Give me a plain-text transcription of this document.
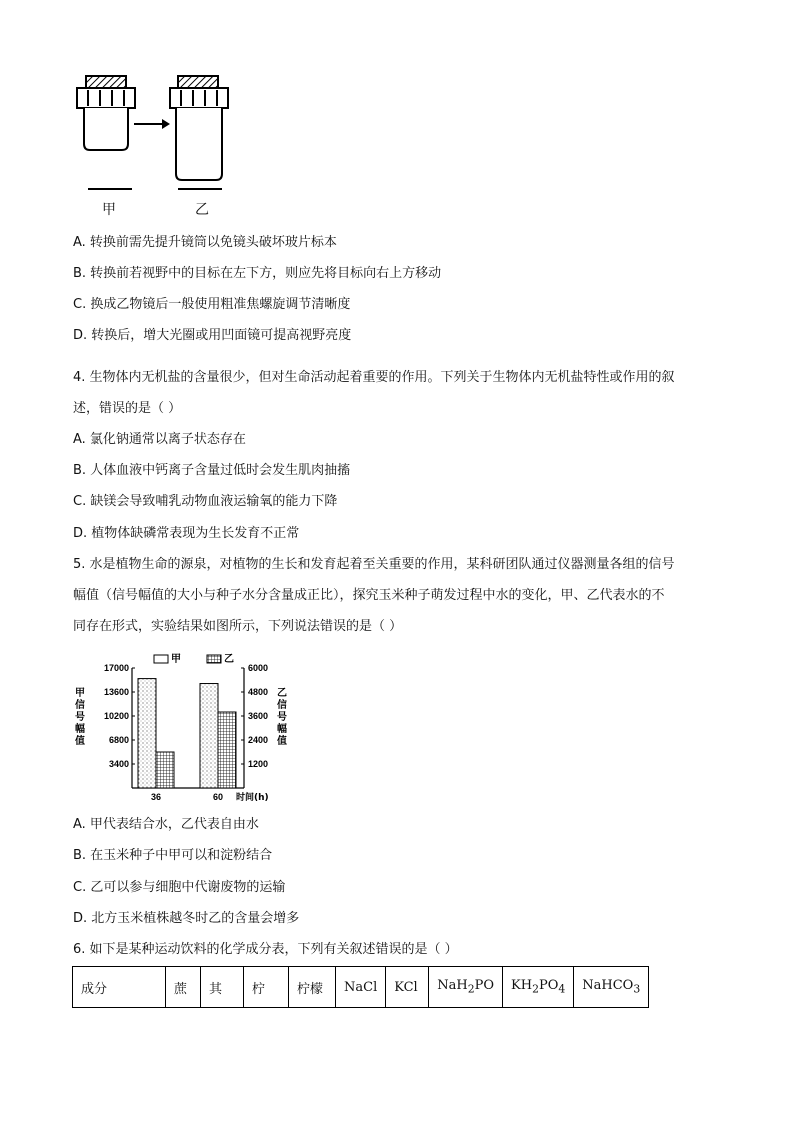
甲	乙
A. 转换前需先提升镜筒以免镜头破坏玻片标本
B. 转换前若视野中的目标在左下方，则应先将目标向右上方移动
C. 换成乙物镜后一般使用粗准焦螺旋调节清晰度
D. 转换后，增大光圈或用凹面镜可提高视野亮度
4. 生物体内无机盐的含量很少，但对生命活动起着重要的作用。下列关于生物体内无机盐特性或作用的叙
述，错误的是（ ）
A. 氯化钠通常以离子状态存在
B. 人体血液中钙离子含量过低时会发生肌肉抽搐
C. 缺镁会导致哺乳动物血液运输氧的能力下降
D. 植物体缺磷常表现为生长发育不正常
5. 水是植物生命的源泉，对植物的生长和发育起着至关重要的作用，某科研团队通过仪器测量各组的信号
幅值（信号幅值的大小与种子水分含量成正比），探究玉米种子萌发过程中水的变化，甲、乙代表水的不
同存在形式，实验结果如图所示，下列说法错误的是（ ）
17000
13600
10200
6800
3400
6000
4800
3600
2400
1200
甲
信
号
幅
值
乙
信
号
幅
值
36	60 时间(h)
甲	乙
A. 甲代表结合水，乙代表自由水
B. 在玉米种子中甲可以和淀粉结合
C. 乙可以参与细胞中代谢废物的运输
D. 北方玉米植株越冬时乙的含量会增多
6. 如下是某种运动饮料的化学成分表，下列有关叙述错误的是（ ）
成分	蔗	其	柠	柠檬	NaCl	KCl	NaH$_2$PO	$KH_2PO_4$	NaHCO$_3$
